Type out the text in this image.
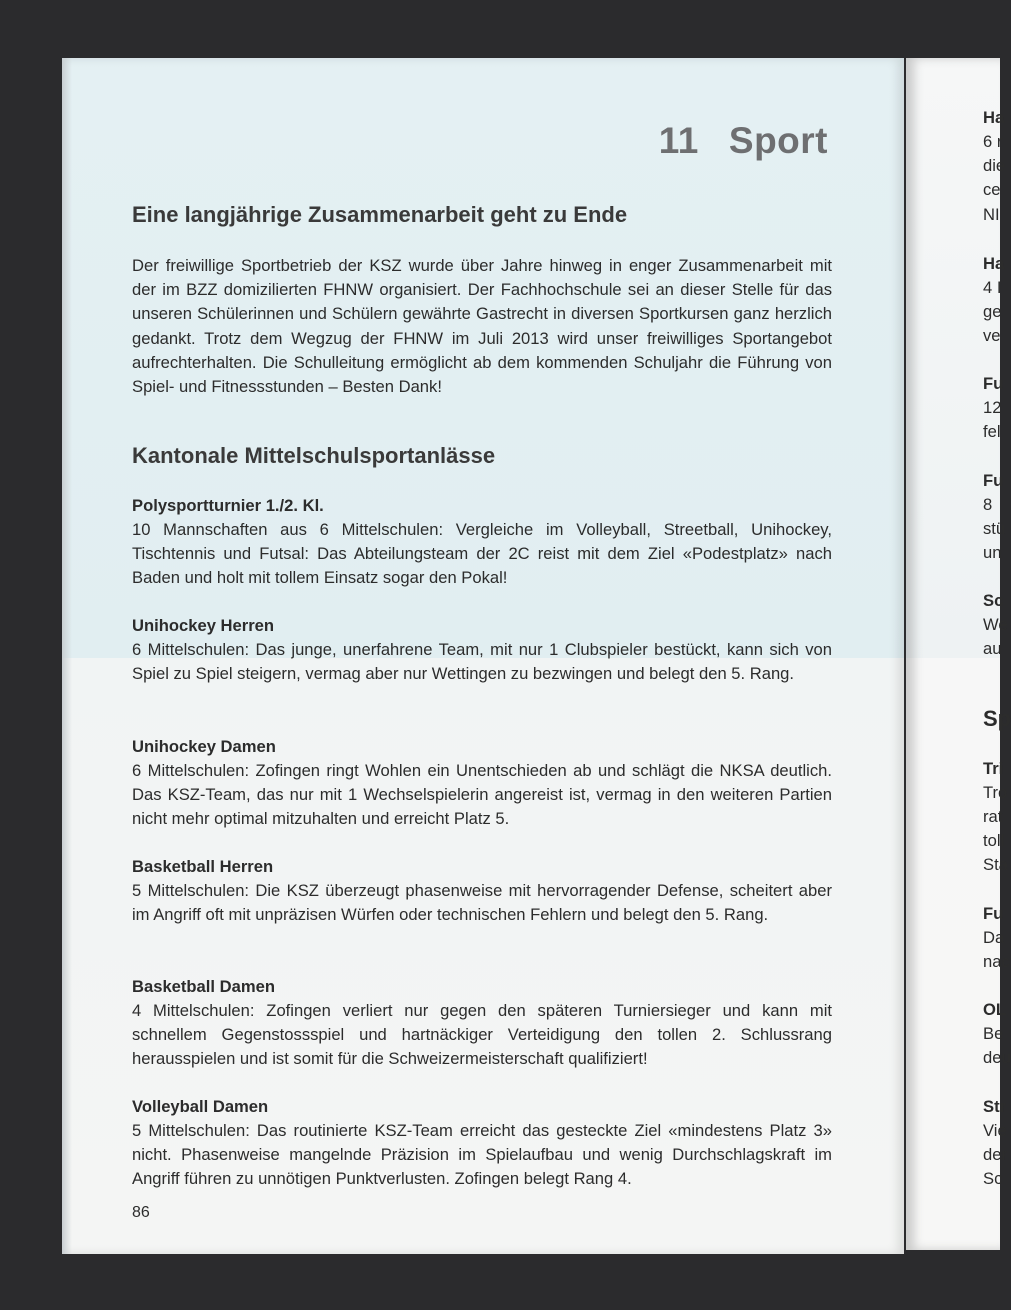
11 Sport
Eine langjährige Zusammenarbeit geht zu Ende

Der freiwillige Sportbetrieb der KSZ wurde über Jahre hinweg in enger Zusammenarbeit mit der im BZZ domizilierten FHNW organisiert. Der Fachhochschule sei an dieser Stelle für das unseren Schülerinnen und Schülern gewährte Gastrecht in diversen Sportkursen ganz herzlich gedankt. Trotz dem Wegzug der FHNW im Juli 2013 wird unser freiwilliges Sportangebot aufrechterhalten. Die Schulleitung ermöglicht ab dem kommenden Schuljahr die Führung von Spiel- und Fitnessstunden – Besten Dank!

Kantonale Mittelschulsportanlässe
Polysportturnier 1./2. Kl.

10 Mannschaften aus 6 Mittelschulen: Vergleiche im Volleyball, Streetball, Unihockey, Tischtennis und Futsal: Das Abteilungsteam der 2C reist mit dem Ziel «Podestplatz» nach Baden und holt mit tollem Einsatz sogar den Pokal!

Unihockey Herren

6 Mittelschulen: Das junge, unerfahrene Team, mit nur 1 Clubspieler bestückt, kann sich von Spiel zu Spiel steigern, vermag aber nur Wettingen zu bezwingen und belegt den 5. Rang.

Unihockey Damen

6 Mittelschulen: Zofingen ringt Wohlen ein Unentschieden ab und schlägt die NKSA deutlich. Das KSZ-Team, das nur mit 1 Wechselspielerin angereist ist, vermag in den weiteren Partien nicht mehr optimal mitzuhalten und erreicht Platz 5.

Basketball Herren

5 Mittelschulen: Die KSZ überzeugt phasenweise mit hervorragender Defense, scheitert aber im Angriff oft mit unpräzisen Würfen oder technischen Fehlern und belegt den 5. Rang.

Basketball Damen

4 Mittelschulen: Zofingen verliert nur gegen den späteren Turniersieger und kann mit schnellem Gegenstossspiel und hartnäckiger Verteidigung den tollen 2. Schlussrang herausspielen und ist somit für die Schweizermeisterschaft qualifiziert!

Volleyball Damen

5 Mittelschulen: Das routinierte KSZ-Team erreicht das gesteckte Ziel «mindestens Platz 3» nicht. Phasenweise mangelnde Präzision im Spielaufbau und wenig Durchschlagskraft im Angriff führen zu unnötigen Punktverlusten. Zofingen belegt Rang 4.

86
Ha
6 r
die
ce
NI
Ha
4 I
ge
ve
Fu
12
fel
Fu
8
stü
un
Sc
We
au
Sp
Tri
Tro
rat
toll
Sta
Fu
Da
nac
OL
Be
deu
Str
Vie
der
Sc
